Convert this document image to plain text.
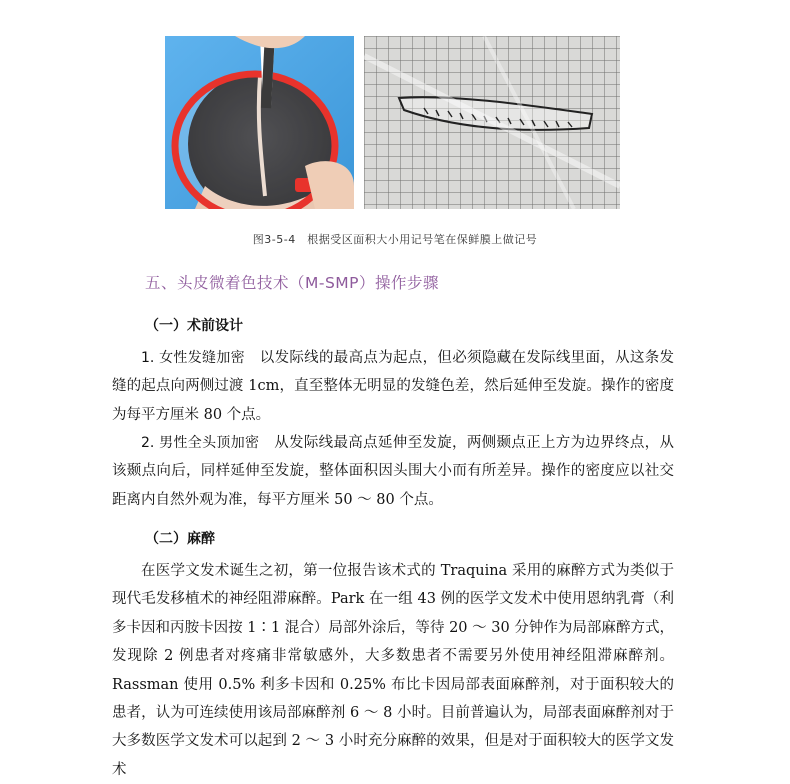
图3-5-4　根据受区面积大小用记号笔在保鲜膜上做记号
五、头皮微着色技术（M-SMP）操作步骤
（一）术前设计
1. 女性发缝加密　以发际线的最高点为起点，但必须隐藏在发际线里面，从这条发缝的起点向两侧过渡 1cm，直至整体无明显的发缝色差，然后延伸至发旋。操作的密度为每平方厘米 80 个点。
2. 男性全头顶加密　从发际线最高点延伸至发旋，两侧颞点正上方为边界终点，从该颞点向后，同样延伸至发旋，整体面积因头围大小而有所差异。操作的密度应以社交距离内自然外观为准，每平方厘米 50 ～ 80 个点。
（二）麻醉
在医学文发术诞生之初，第一位报告该术式的 Traquina 采用的麻醉方式为类似于现代毛发移植术的神经阻滞麻醉。Park 在一组 43 例的医学文发术中使用恩纳乳膏（利多卡因和丙胺卡因按 1∶1 混合）局部外涂后，等待 20 ～ 30 分钟作为局部麻醉方式，发现除 2 例患者对疼痛非常敏感外，大多数患者不需要另外使用神经阻滞麻醉剂。Rassman 使用 0.5% 利多卡因和 0.25% 布比卡因局部表面麻醉剂，对于面积较大的患者，认为可连续使用该局部麻醉剂 6 ～ 8 小时。目前普遍认为，局部表面麻醉剂对于大多数医学文发术可以起到 2 ～ 3 小时充分麻醉的效果，但是对于面积较大的医学文发术
